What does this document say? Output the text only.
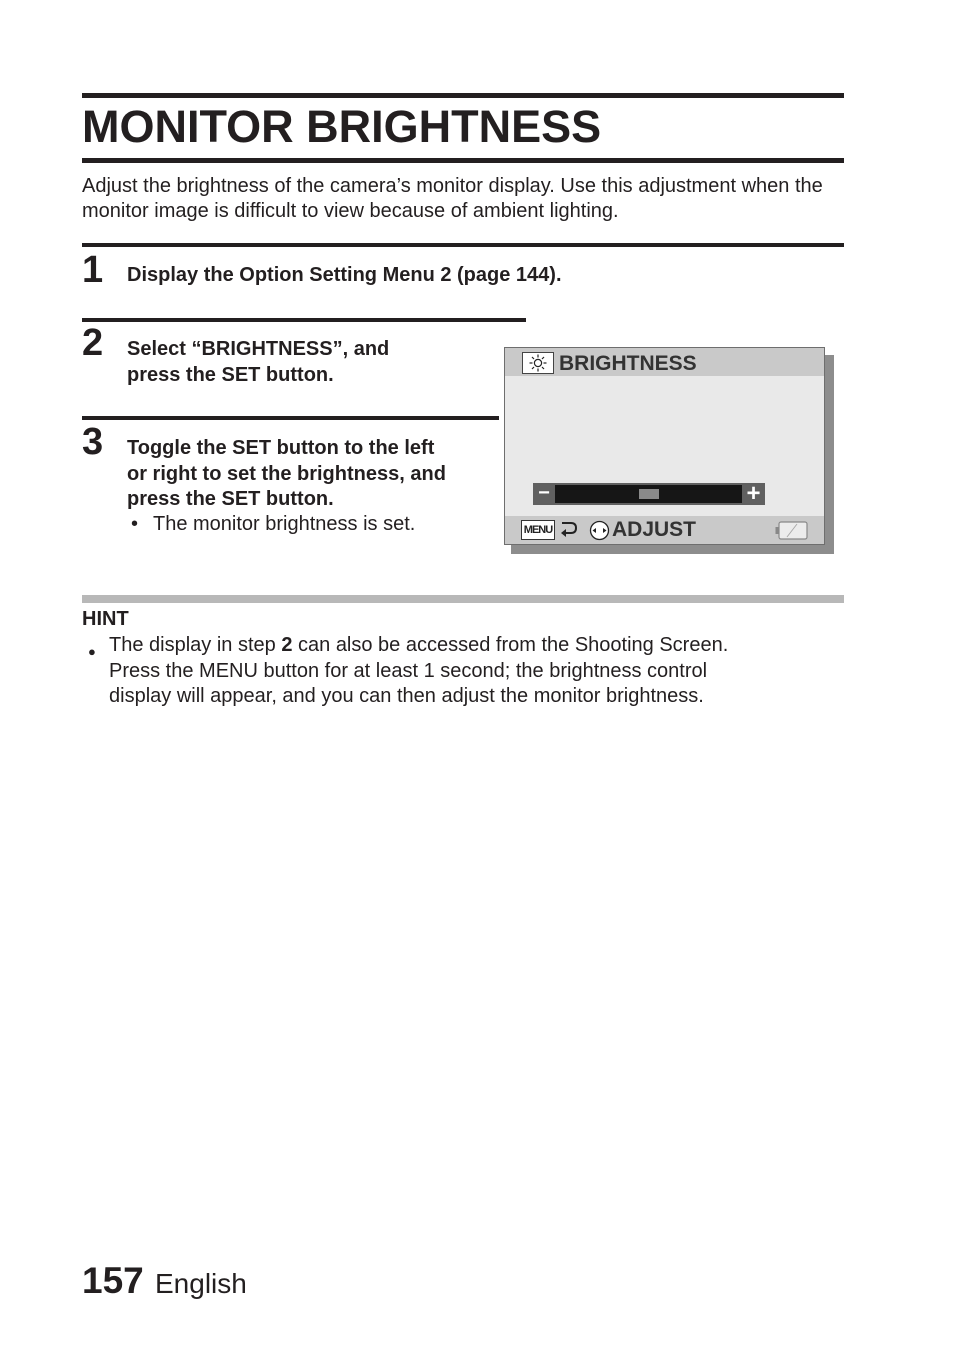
MONITOR BRIGHTNESS
Adjust the brightness of the camera’s monitor display. Use this adjustment when the monitor image is difficult to view because of ambient lighting.
1 Display the Option Setting Menu 2 (page 144).
2 Select “BRIGHTNESS”, and
press the SET button.
3 Toggle the SET button to the left
or right to set the brightness, and
press the SET button.
• The monitor brightness is set.
BRIGHTNESS
−	+
MENU	ADJUST
HINT
● The display in step 2 can also be accessed from the Shooting Screen.
Press the MENU button for at least 1 second; the brightness control
display will appear, and you can then adjust the monitor brightness.
157 English
